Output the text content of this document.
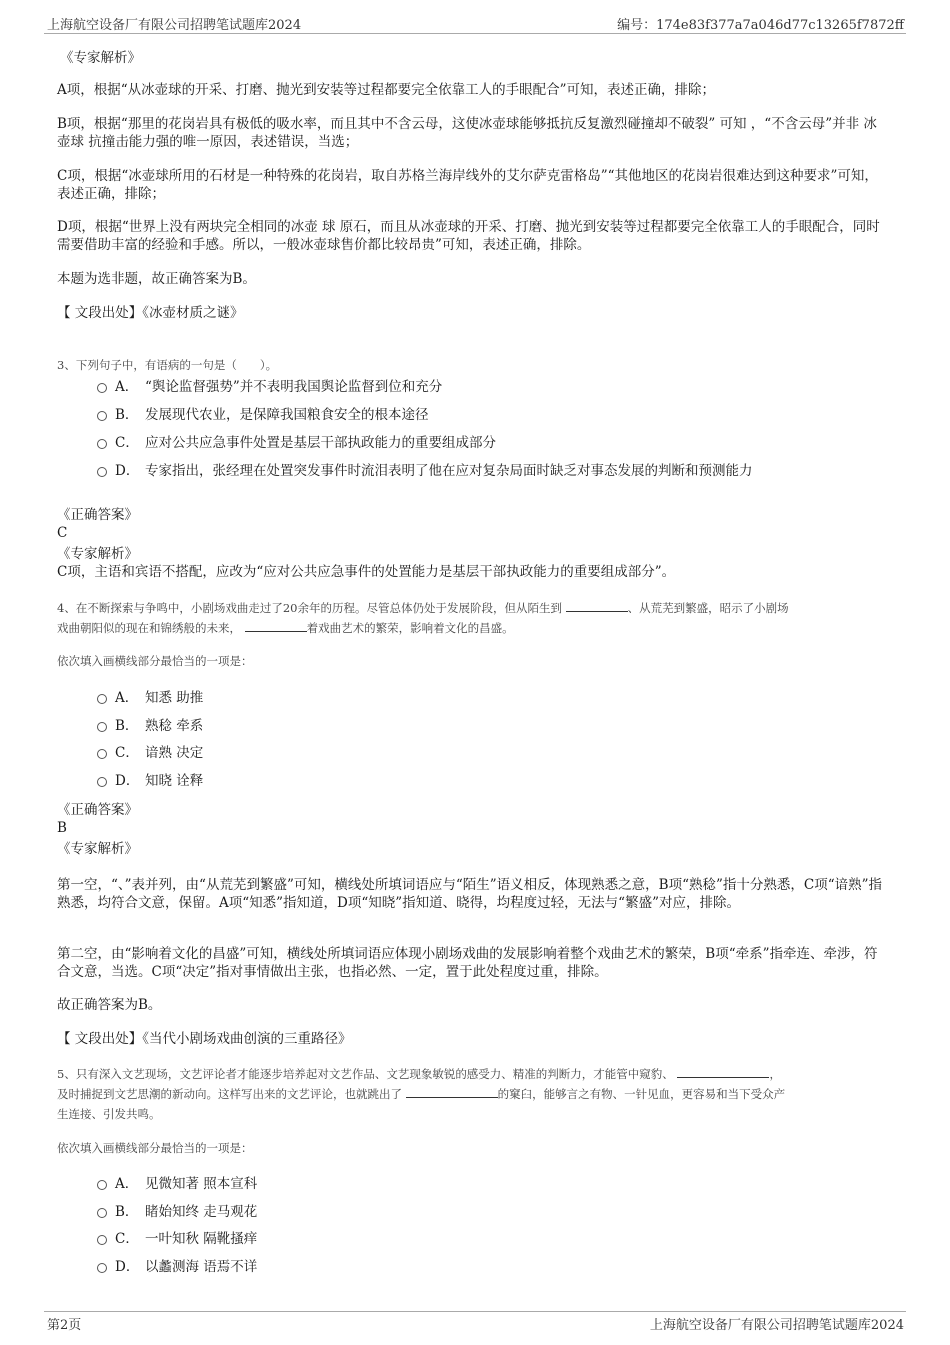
上海航空设备厂有限公司招聘笔试题库2024	编号：174e83f377a7a046d77c13265f7872ff
《专家解析》
A项，根据“从冰壶球的开采、打磨、抛光到安装等过程都要完全依靠工人的手眼配合”可知，表述正确，排除；
B项，根据“那里的花岗岩具有极低的吸水率，而且其中不含云母，这使冰壶球能够抵抗反复激烈碰撞却不破裂” 可知 ，“不含云母”并非 冰壶球 抗撞击能力强的唯一原因，表述错误，当选；
C项，根据“冰壶球所用的石材是一种特殊的花岗岩，取自苏格兰海岸线外的艾尔萨克雷格岛”“其他地区的花岗岩很难达到这种要求”可知，表述正确，排除；
D项，根据“世界上没有两块完全相同的冰壶 球 原石，而且从冰壶球的开采、打磨、抛光到安装等过程都要完全依靠工人的手眼配合，同时需要借助丰富的经验和手感。所以，一般冰壶球售价都比较昂贵”可知，表述正确，排除。
本题为选非题，故正确答案为B。
【 文段出处】《冰壶材质之谜》
3、下列句子中，有语病的一句是（　　）。
A． “舆论监督强势”并不表明我国舆论监督到位和充分
B． 发展现代农业，是保障我国粮食安全的根本途径
C． 应对公共应急事件处置是基层干部执政能力的重要组成部分
D． 专家指出，张经理在处置突发事件时流泪表明了他在应对复杂局面时缺乏对事态发展的判断和预测能力
《正确答案》
C
《专家解析》
C项，主语和宾语不搭配，应改为“应对公共应急事件的处置能力是基层干部执政能力的重要组成部分”。
4、在不断探索与争鸣中，小剧场戏曲走过了20余年的历程。尽管总体仍处于发展阶段，但从陌生到	、从荒芜到繁盛，昭示了小剧场
戏曲朝阳似的现在和锦绣般的未来，	着戏曲艺术的繁荣，影响着文化的昌盛。
依次填入画横线部分最恰当的一项是：
A． 知悉 助推
B． 熟稔 牵系
C． 谙熟 决定
D． 知晓 诠释
《正确答案》
B
《专家解析》
第一空，“、”表并列，由“从荒芜到繁盛”可知，横线处所填词语应与“陌生”语义相反，体现熟悉之意，B项“熟稔”指十分熟悉，C项“谙熟”指熟悉，均符合文意，保留。A项“知悉”指知道，D项“知晓”指知道、晓得，均程度过轻，无法与“繁盛”对应，排除。
第二空，由“影响着文化的昌盛”可知，横线处所填词语应体现小剧场戏曲的发展影响着整个戏曲艺术的繁荣，B项“牵系”指牵连、牵涉，符合文意，当选。C项“决定”指对事情做出主张，也指必然、一定，置于此处程度过重，排除。
故正确答案为B。
【 文段出处】《当代小剧场戏曲创演的三重路径》
5、只有深入文艺现场，文艺评论者才能逐步培养起对文艺作品、文艺现象敏锐的感受力、精准的判断力，才能管中窥豹、	，
及时捕捉到文艺思潮的新动向。这样写出来的文艺评论，也就跳出了	的窠臼，能够言之有物、一针见血，更容易和当下受众产
生连接、引发共鸣。
依次填入画横线部分最恰当的一项是：
A． 见微知著 照本宣科
B． 睹始知终 走马观花
C． 一叶知秋 隔靴搔痒
D． 以蠡测海 语焉不详
第2页	上海航空设备厂有限公司招聘笔试题库2024
